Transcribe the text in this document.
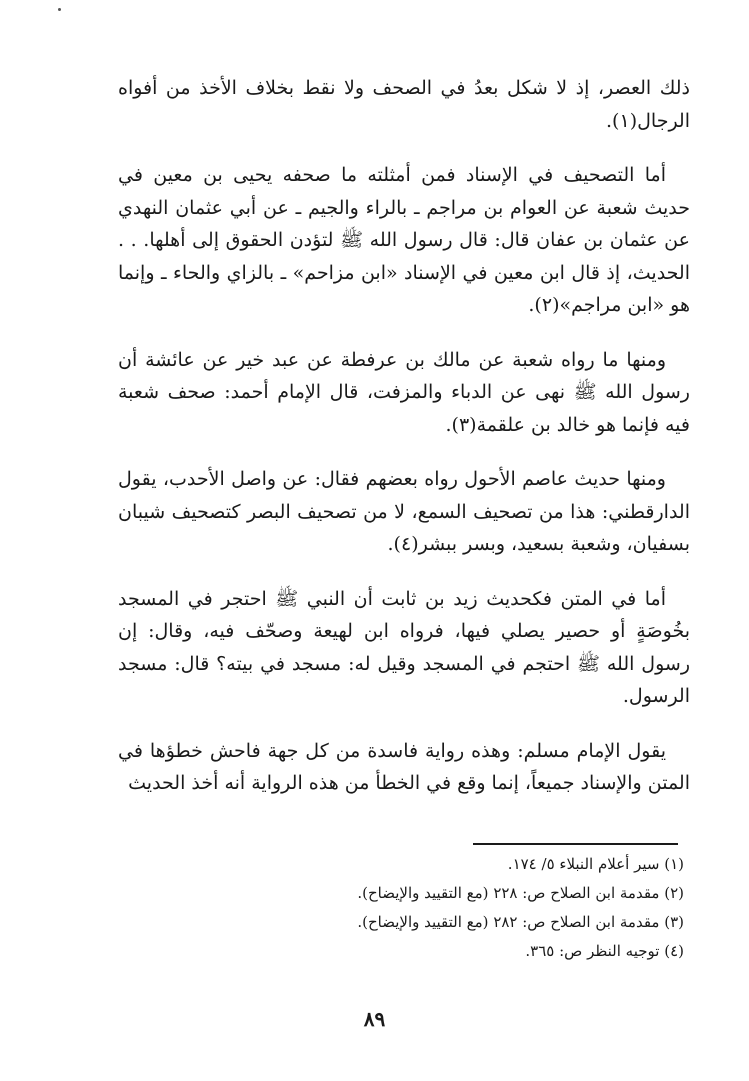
ذلك العصر، إذ لا شكل بعدُ في الصحف ولا نقط بخلاف الأخذ من أفواه الرجال(١).

أما التصحيف في الإسناد فمن أمثلته ما صحفه يحيى بن معين في حديث شعبة عن العوام بن مراجم ـ بالراء والجيم ـ عن أبي عثمان النهدي عن عثمان بن عفان قال: قال رسول الله ﷺ لتؤدن الحقوق إلى أهلها. . . الحديث، إذ قال ابن معين في الإسناد «ابن مزاحم» ـ بالزاي والحاء ـ وإنما هو «ابن مراجم»(٢).

ومنها ما رواه شعبة عن مالك بن عرفطة عن عبد خير عن عائشة أن رسول الله ﷺ نهى عن الدباء والمزفت، قال الإمام أحمد: صحف شعبة فيه فإنما هو خالد بن علقمة(٣).

ومنها حديث عاصم الأحول رواه بعضهم فقال: عن واصل الأحدب، يقول الدارقطني: هذا من تصحيف السمع، لا من تصحيف البصر كتصحيف شيبان بسفيان، وشعبة بسعيد، وبسر ببشر(٤).

أما في المتن فكحديث زيد بن ثابت أن النبي ﷺ احتجر في المسجد بخُوصَةٍ أو حصير يصلي فيها، فرواه ابن لهيعة وصحّف فيه، وقال: إن رسول الله ﷺ احتجم في المسجد وقيل له: مسجد في بيته؟ قال: مسجد الرسول.

يقول الإمام مسلم: وهذه رواية فاسدة من كل جهة فاحش خطؤها في المتن والإسناد جميعاً، إنما وقع في الخطأ من هذه الرواية أنه أخذ الحديث

(١) سير أعلام النبلاء ٥/ ١٧٤.
(٢) مقدمة ابن الصلاح ص: ٢٢٨ (مع التقييد والإيضاح).
(٣) مقدمة ابن الصلاح ص: ٢٨٢ (مع التقييد والإيضاح).
(٤) توجيه النظر ص: ٣٦٥.
٨٩
